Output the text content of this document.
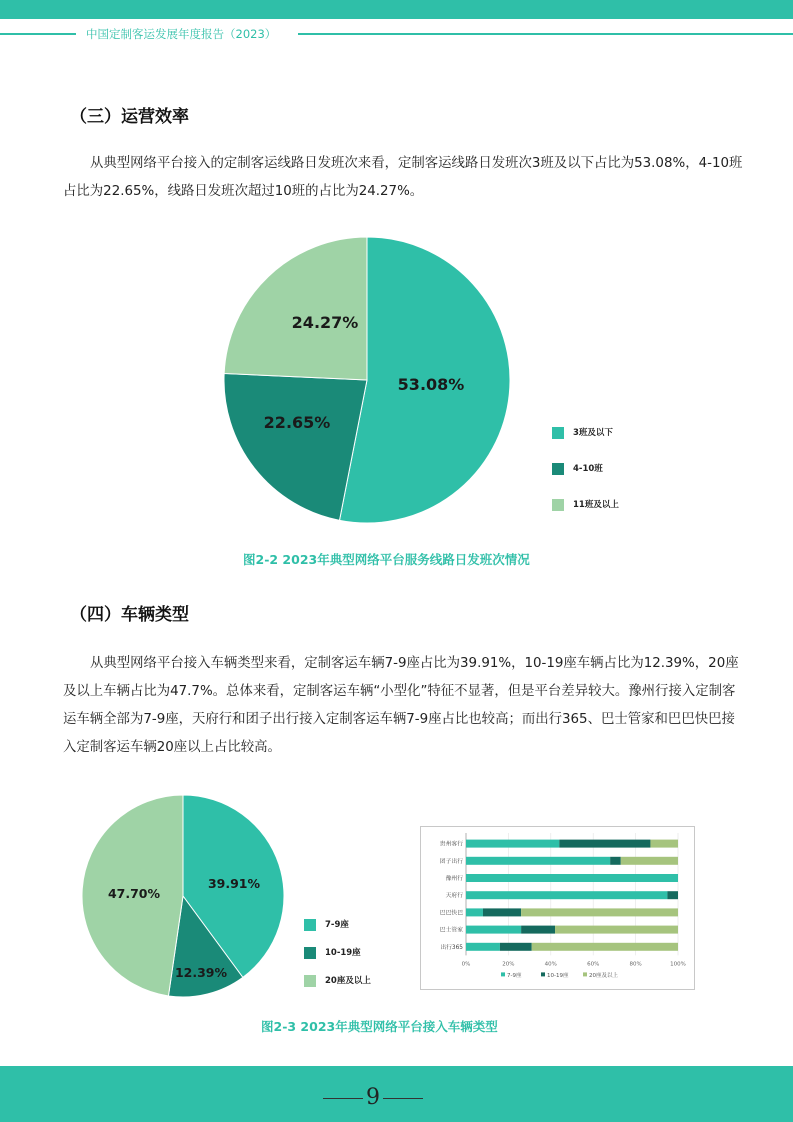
中国定制客运发展年度报告（2023）
（三）运营效率
从典型网络平台接入的定制客运线路日发班次来看，定制客运线路日发班次3班及以下占比为53.08%，4-10班占比为22.65%，线路日发班次超过10班的占比为24.27%。
53.08%
22.65%
24.27%
3班及以下
4-10班
11班及以上
图2-2 2023年典型网络平台服务线路日发班次情况
（四）车辆类型
从典型网络平台接入车辆类型来看，定制客运车辆7-9座占比为39.91%，10-19座车辆占比为12.39%，20座及以上车辆占比为47.7%。总体来看，定制客运车辆“小型化”特征不显著，但是平台差异较大。豫州行接入定制客运车辆全部为7-9座，天府行和团子出行接入定制客运车辆7-9座占比也较高；而出行365、巴士管家和巴巴快巴接入定制客运车辆20座以上占比较高。
39.91%
12.39%
47.70%
7-9座
10-19座
20座及以上
0%	20%	40%	60%	80%	100%
贵州客行
团子出行
豫州行
天府行
巴巴快巴
巴士管家
出行365
7-9座	10-19座	20座及以上
图2-3 2023年典型网络平台接入车辆类型
9
